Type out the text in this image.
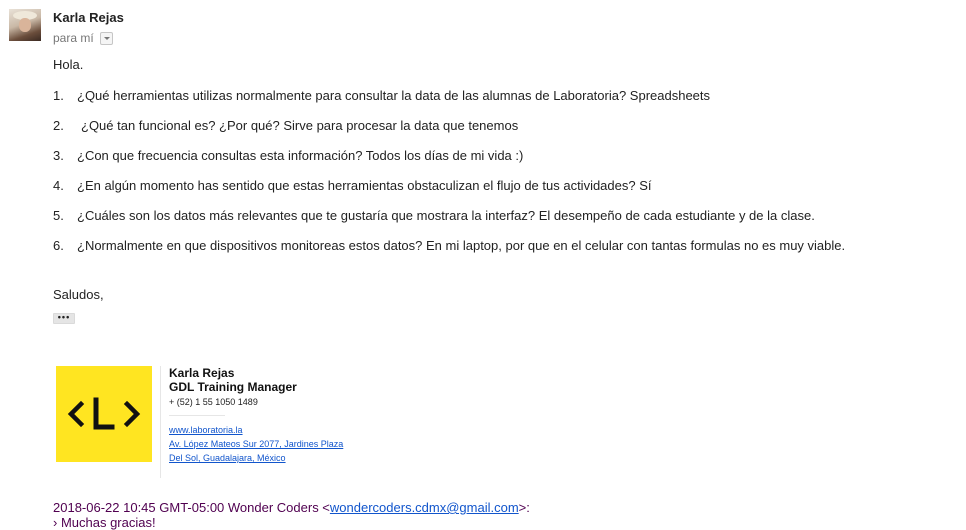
Karla Rejas
para mí
Hola.
1. ¿Qué herramientas utilizas normalmente para consultar la data de las alumnas de Laboratoria? Spreadsheets
2. ¿Qué tan funcional es? ¿Por qué? Sirve para procesar la data que tenemos
3. ¿Con que frecuencia consultas esta información? Todos los días de mi vida :)
4. ¿En algún momento has sentido que estas herramientas obstaculizan el flujo de tus actividades? Sí
5. ¿Cuáles son los datos más relevantes que te gustaría que mostrara la interfaz? El desempeño de cada estudiante y de la clase.
6. ¿Normalmente en que dispositivos monitoreas estos datos? En mi laptop, por que en el celular con tantas formulas no es muy viable.
Saludos,
•••
Karla Rejas
GDL Training Manager
+ (52) 1 55 1050 1489
www.laboratoria.la
Av. López Mateos Sur 2077, Jardines Plaza
Del Sol, Guadalajara, México
2018-06-22 10:45 GMT-05:00 Wonder Coders <wondercoders.cdmx@gmail.com>:
› Muchas gracias!
